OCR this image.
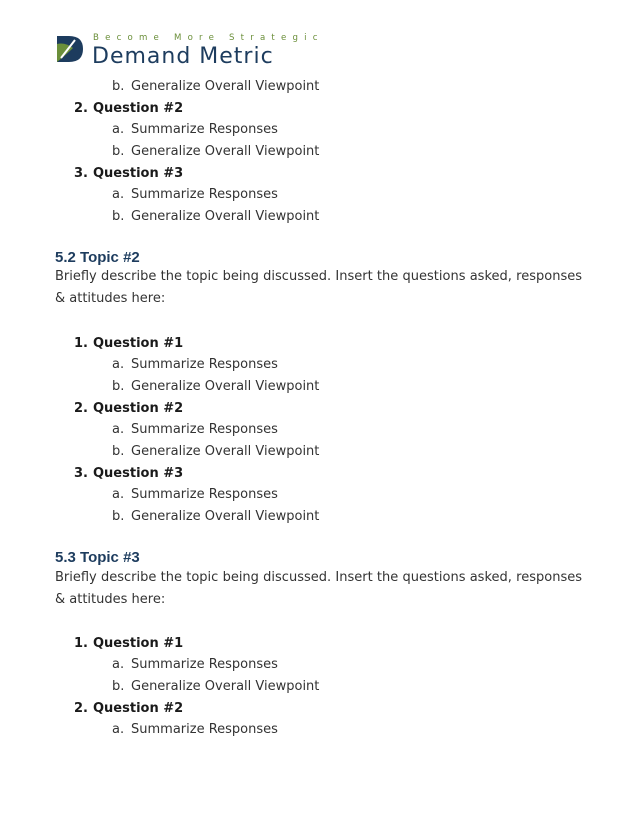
Become More Strategic
Demand Metric
b. Generalize Overall Viewpoint
2. Question #2
a. Summarize Responses
b. Generalize Overall Viewpoint
3. Question #3
a. Summarize Responses
b. Generalize Overall Viewpoint
5.2 Topic #2
Briefly describe the topic being discussed. Insert the questions asked, responses & attitudes here:
1. Question #1
a. Summarize Responses
b. Generalize Overall Viewpoint
2. Question #2
a. Summarize Responses
b. Generalize Overall Viewpoint
3. Question #3
a. Summarize Responses
b. Generalize Overall Viewpoint
5.3 Topic #3
Briefly describe the topic being discussed. Insert the questions asked, responses & attitudes here:
1. Question #1
a. Summarize Responses
b. Generalize Overall Viewpoint
2. Question #2
a. Summarize Responses
